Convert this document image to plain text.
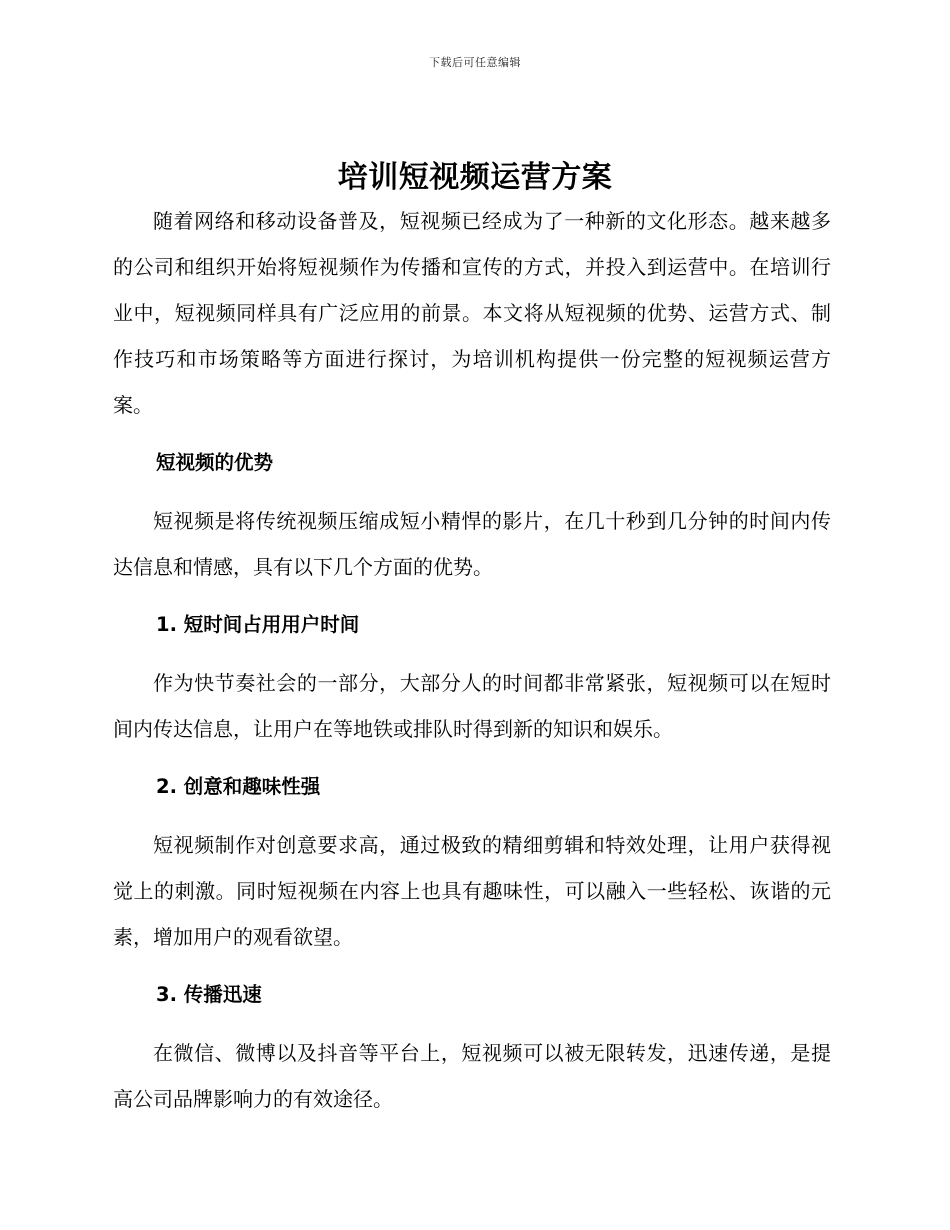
下载后可任意编辑
培训短视频运营方案

随着网络和移动设备普及，短视频已经成为了一种新的文化形态。越来越多的公司和组织开始将短视频作为传播和宣传的方式，并投入到运营中。在培训行业中，短视频同样具有广泛应用的前景。本文将从短视频的优势、运营方式、制作技巧和市场策略等方面进行探讨，为培训机构提供一份完整的短视频运营方案。

短视频的优势

短视频是将传统视频压缩成短小精悍的影片，在几十秒到几分钟的时间内传达信息和情感，具有以下几个方面的优势。

1. 短时间占用用户时间

作为快节奏社会的一部分，大部分人的时间都非常紧张，短视频可以在短时间内传达信息，让用户在等地铁或排队时得到新的知识和娱乐。

2. 创意和趣味性强

短视频制作对创意要求高，通过极致的精细剪辑和特效处理，让用户获得视觉上的刺激。同时短视频在内容上也具有趣味性，可以融入一些轻松、诙谐的元素，增加用户的观看欲望。

3. 传播迅速

在微信、微博以及抖音等平台上，短视频可以被无限转发，迅速传递，是提高公司品牌影响力的有效途径。
